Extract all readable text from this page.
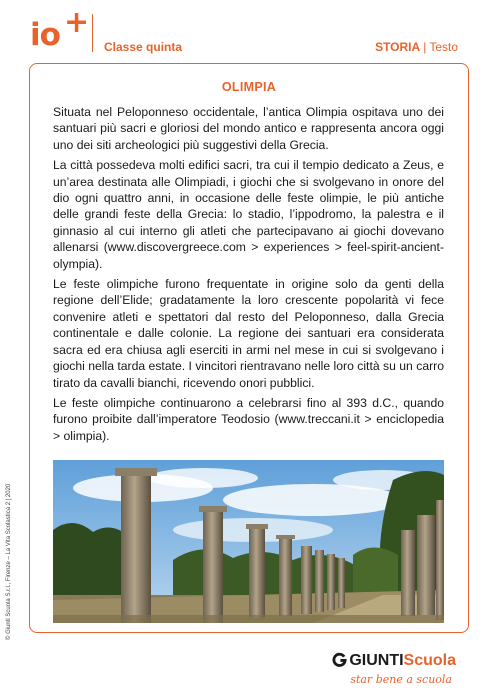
io +
Classe quinta	STORIA | Testo
OLIMPIA

Situata nel Peloponneso occidentale, l’antica Olimpia ospitava uno dei santuari più sacri e gloriosi del mondo antico e rappresenta ancora oggi uno dei siti archeologici più suggestivi della Grecia.

La città possedeva molti edifici sacri, tra cui il tempio dedicato a Zeus, e un’area destinata alle Olimpiadi, i giochi che si svolgevano in onore del dio ogni quattro anni, in occasione delle feste olimpie, le più antiche delle grandi feste della Grecia: lo stadio, l’ippodromo, la palestra e il ginnasio al cui interno gli atleti che partecipavano ai giochi dovevano allenarsi (www.discovergreece.com > experiences > feel-spirit-ancient-olympia).

Le feste olimpiche furono frequentate in origine solo da genti della regione dell’Elide; gradatamente la loro crescente popolarità vi fece convenire atleti e spettatori dal resto del Peloponneso, dalla Grecia continentale e dalle colonie. La regione dei santuari era considerata sacra ed era chiusa agli eserciti in armi nel mese in cui si svolgevano i giochi nella tarda estate. I vincitori rientravano nelle loro città su un carro tirato da cavalli bianchi, ricevendo onori pubblici.

Le feste olimpiche continuarono a celebrarsi fino al 393 d.C., quando furono proibite dall’imperatore Teodosio (www.treccani.it > enciclopedia > olimpia).

© Giunti Scuola S.r.l., Firenze – La Vita Scolastica 2 | 2020
GIUNTIScuola
star bene a scuola
